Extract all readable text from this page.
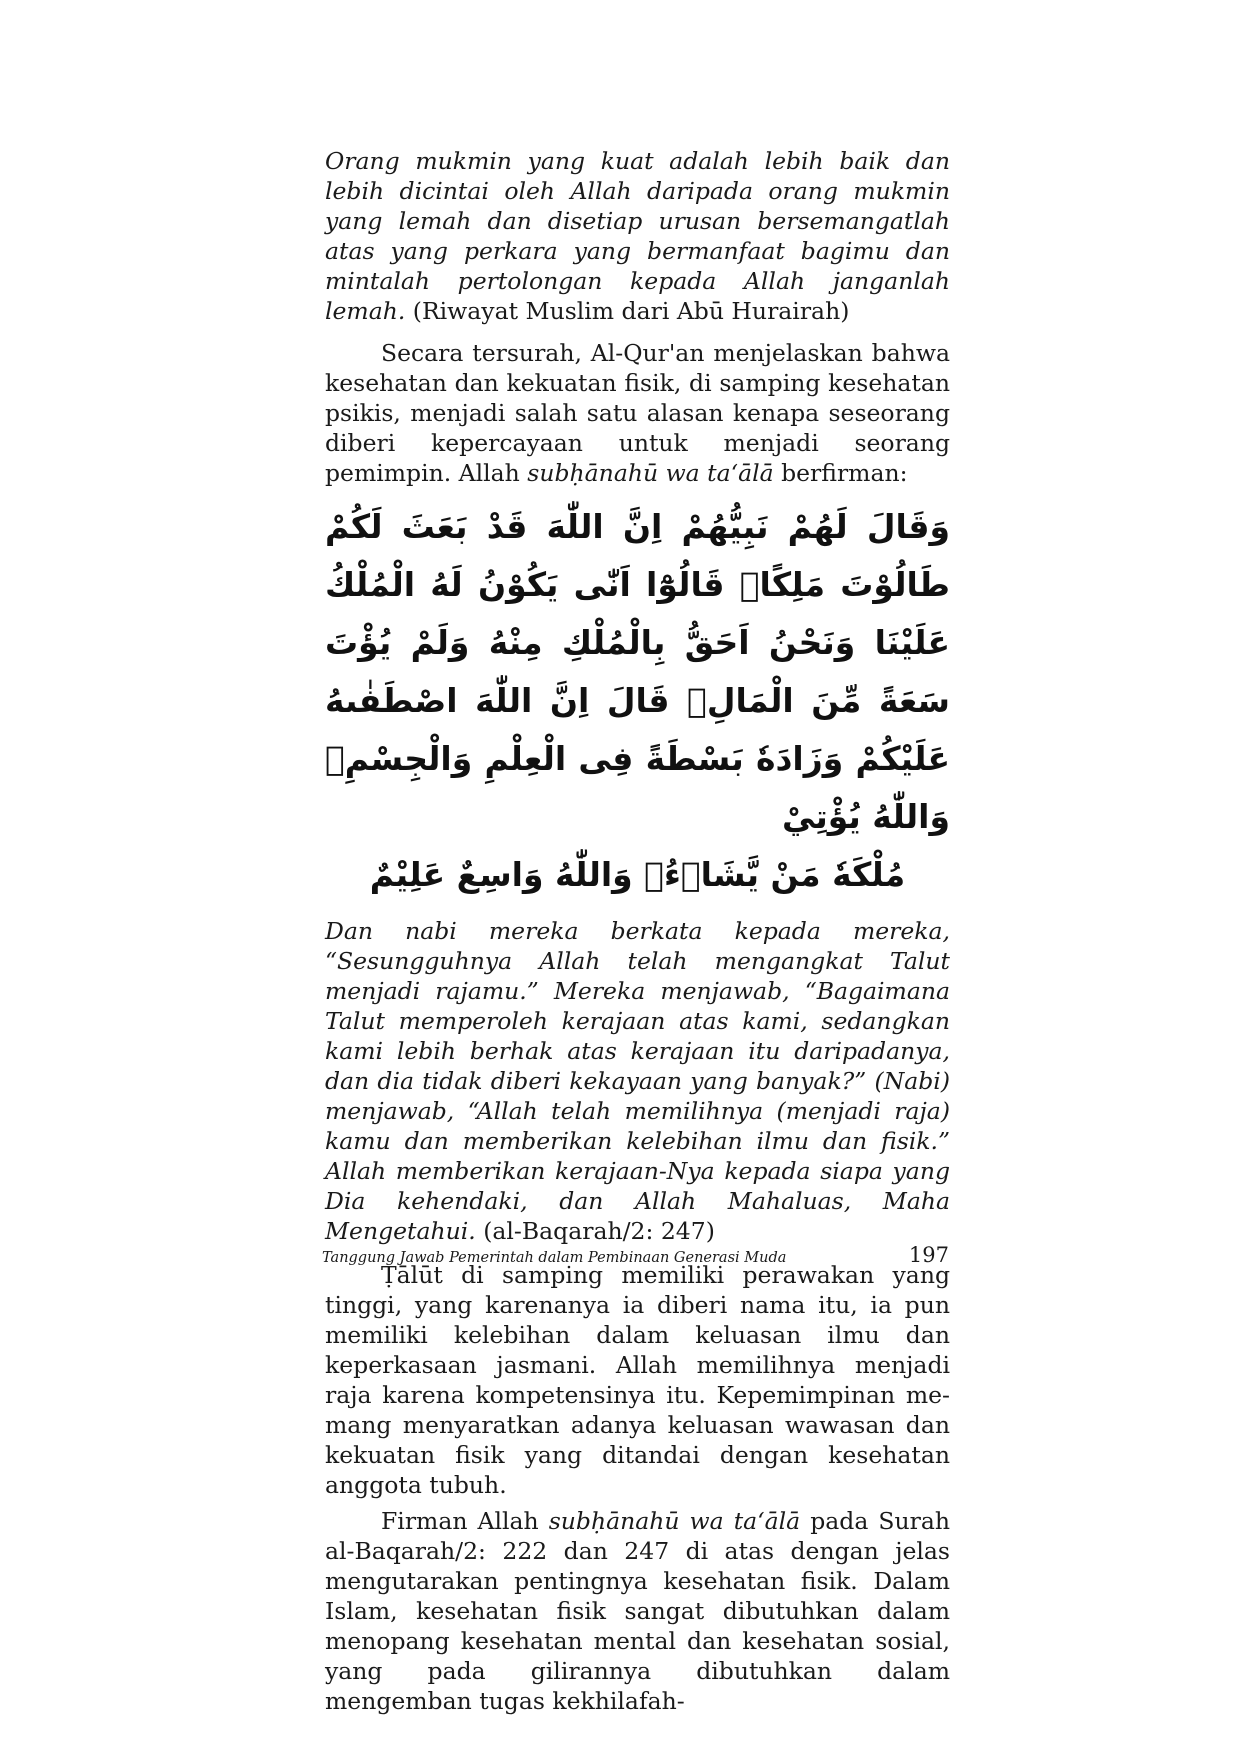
Orang mukmin yang kuat adalah lebih baik dan lebih dicintai oleh Allah daripada orang mukmin yang lemah dan disetiap urusan bersemangatlah atas yang perkara yang bermanfaat bagimu dan mintalah pertolongan kepada Allah janganlah lemah. (Riwayat Muslim dari Abū Hurairah)

Secara tersurah, Al-Qur'an menjelaskan bahwa kesehatan dan kekuatan fisik, di samping kesehatan psikis, menjadi salah satu alasan kenapa seseorang diberi kepercayaan untuk menjadi seorang pemimpin. Allah subḥānahū wa ta‘ālā berfirman:

وَقَالَ لَهُمْ نَبِيُّهُمْ اِنَّ اللّٰهَ قَدْ بَعَثَ لَكُمْ طَالُوْتَ مَلِكًاۗ قَالُوْٓا اَنّٰى يَكُوْنُ لَهُ الْمُلْكُ عَلَيْنَا وَنَحْنُ اَحَقُّ بِالْمُلْكِ مِنْهُ وَلَمْ يُؤْتَ سَعَةً مِّنَ الْمَالِۗ قَالَ اِنَّ اللّٰهَ اصْطَفٰىهُ عَلَيْكُمْ وَزَادَهٗ بَسْطَةً فِى الْعِلْمِ وَالْجِسْمِۗ وَاللّٰهُ يُؤْتِيْ

مُلْكَهٗ مَنْ يَّشَاۤءُۗ وَاللّٰهُ وَاسِعٌ عَلِيْمٌ

Dan nabi mereka berkata kepada mereka, “Sesungguhnya Allah telah mengangkat Talut menjadi rajamu.” Mereka menjawab, “Bagaimana Talut memperoleh kerajaan atas kami, sedangkan kami lebih berhak atas kerajaan itu daripadanya, dan dia tidak diberi kekayaan yang banyak?” (Nabi) menjawab, “Allah telah memilihnya (menjadi raja) kamu dan memberikan kelebihan ilmu dan fisik.” Allah memberikan kerajaan-Nya kepada siapa yang Dia kehendaki, dan Allah Mahaluas, Maha Mengetahui. (al-Baqarah/2: 247)

Ṭālūt di samping memiliki perawakan yang tinggi, yang karenanya ia diberi nama itu, ia pun memiliki kelebihan dalam keluasan ilmu dan keperkasaan jasmani. Allah memilihnya menjadi raja karena kompetensinya itu. Kepemimpinan me-mang menyaratkan adanya keluasan wawasan dan kekuatan fisik yang ditandai dengan kesehatan anggota tubuh.

Firman Allah subḥānahū wa ta‘ālā pada Surah al-Baqarah/2: 222 dan 247 di atas dengan jelas mengutarakan pentingnya kesehatan fisik. Dalam Islam, kesehatan fisik sangat dibutuhkan dalam menopang kesehatan mental dan kesehatan sosial, yang pada gilirannya dibutuhkan dalam mengemban tugas kekhilafah-

Tanggung Jawab Pemerintah dalam Pembinaan Generasi Muda	197
